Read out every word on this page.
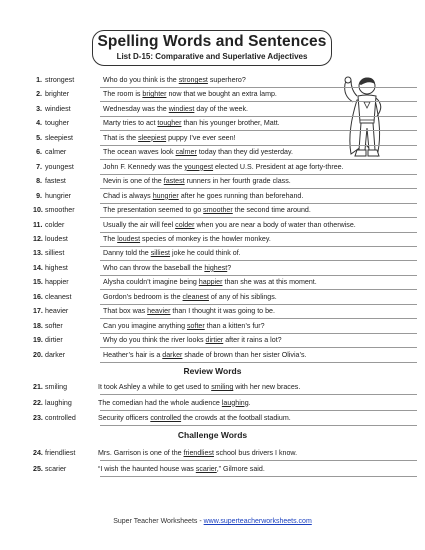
Spelling Words and Sentences
List D-15: Comparative and Superlative Adjectives
1. strongest	Who do you think is the strongest superhero?
2. brighter	The room is brighter now that we bought an extra lamp.
3. windiest	Wednesday was the windiest day of the week.
4. tougher	Marty tries to act tougher than his younger brother, Matt.
5. sleepiest	That is the sleepiest puppy I’ve ever seen!
6. calmer	The ocean waves look calmer today than they did yesterday.
7. youngest	John F. Kennedy was the youngest elected U.S. President at age forty-three.
8. fastest	Nevin is one of the fastest runners in her fourth grade class.
9. hungrier	Chad is always hungrier after he goes running than beforehand.
10. smoother	The presentation seemed to go smoother the second time around.
11. colder	Usually the air will feel colder when you are near a body of water than otherwise.
12. loudest	The loudest species of monkey is the howler monkey.
13. silliest	Danny told the silliest joke he could think of.
14. highest	Who can throw the baseball the highest?
15. happier	Alysha couldn’t imagine being happier than she was at this moment.
16. cleanest	Gordon’s bedroom is the cleanest of any of his siblings.
17. heavier	That box was heavier than I thought it was going to be.
18. softer	Can you imagine anything softer than a kitten’s fur?
19. dirtier	Why do you think the river looks dirtier after it rains a lot?
20. darker	Heather’s hair is a darker shade of brown than her sister Olivia’s.
Review Words
21. smiling	It took Ashley a while to get used to smiling with her new braces.
22. laughing	The comedian had the whole audience laughing.
23. controlled	Security officers controlled the crowds at the football stadium.
Challenge Words
24. friendliest	Mrs. Garrison is one of the friendliest school bus drivers I know.
25. scarier	“I wish the haunted house was scarier,” Gilmore said.
Super Teacher Worksheets - www.superteacherworksheets.com
